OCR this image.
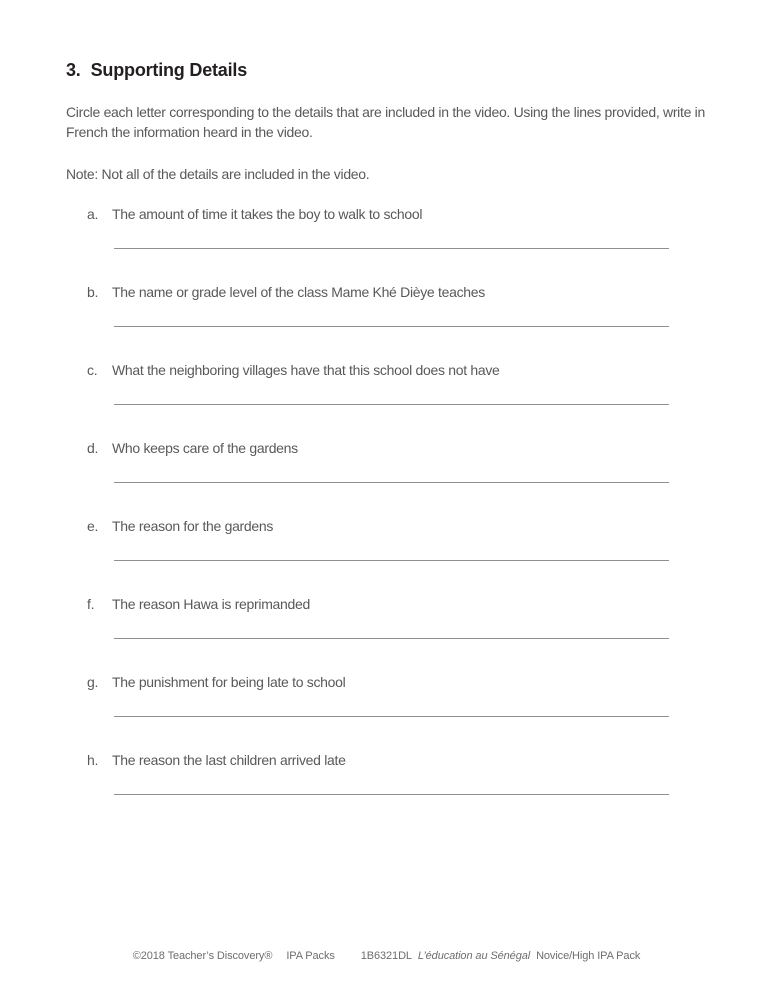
3. Supporting Details

Circle each letter corresponding to the details that are included in the video. Using the lines provided, write in French the information heard in the video.

Note: Not all of the details are included in the video.

a. The amount of time it takes the boy to walk to school
b. The name or grade level of the class Mame Khé Dièye teaches
c.	What the neighboring villages have that this school does not have
d. Who keeps care of the gardens
e. The reason for the gardens
f.	The reason Hawa is reprimanded
g. The punishment for being late to school
h. The reason the last children arrived late
©2018 Teacher’s Discovery® IPA Packs 1B6321DL L’éducation au Sénégal Novice/High IPA Pack
